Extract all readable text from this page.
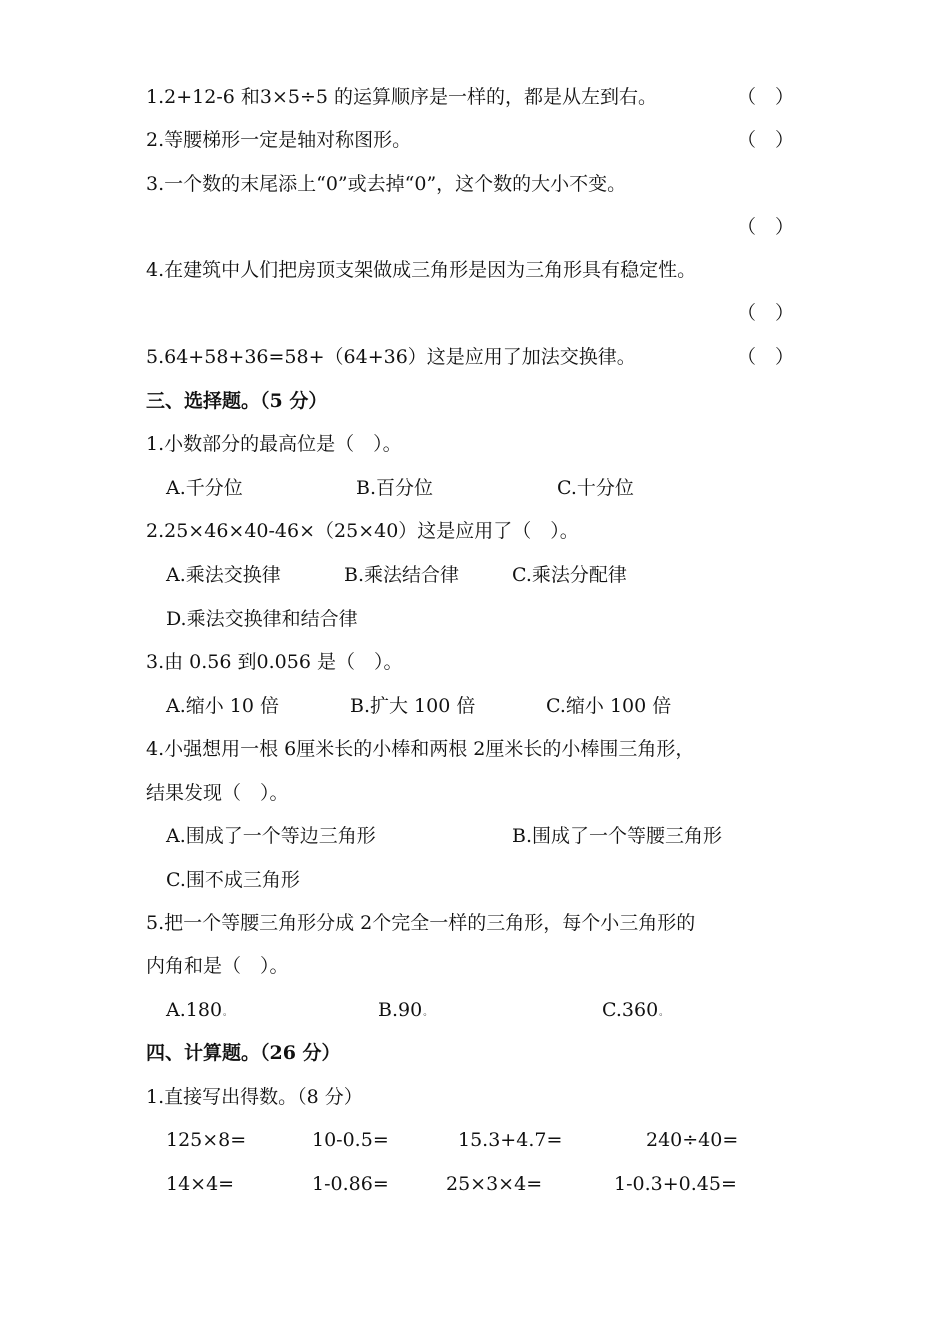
1.2+12-6 和3×5÷5 的运算顺序是一样的，都是从左到右。	（　）
2.等腰梯形一定是轴对称图形。	（　）
3.一个数的末尾添上“0”或去掉“0”，这个数的大小不变。
（　）
4.在建筑中人们把房顶支架做成三角形是因为三角形具有稳定性。
（　）
5.64+58+36=58+（64+36）这是应用了加法交换律。	（　）
三、选择题。（5 分）
1.小数部分的最高位是（　）。
A.千分位	B.百分位	C.十分位
2.25×46×40-46×（25×40）这是应用了（　）。
A.乘法交换律	B.乘法结合律	C.乘法分配律
D.乘法交换律和结合律
3.由 0.56 到0.056 是（　）。
A.缩小 10 倍	B.扩大 100 倍	C.缩小 100 倍
4.小强想用一根 6厘米长的小棒和两根 2厘米长的小棒围三角形，
结果发现（　）。
A.围成了一个等边三角形	B.围成了一个等腰三角形
C.围不成三角形
5.把一个等腰三角形分成 2个完全一样的三角形，每个小三角形的
内角和是（　）。
A.180。	B.90。	C.360。
四、计算题。（26 分）
1.直接写出得数。（8 分）
125×8=	10-0.5=	15.3+4.7=	240÷40=
14×4=	1-0.86=	25×3×4=	1-0.3+0.45=
